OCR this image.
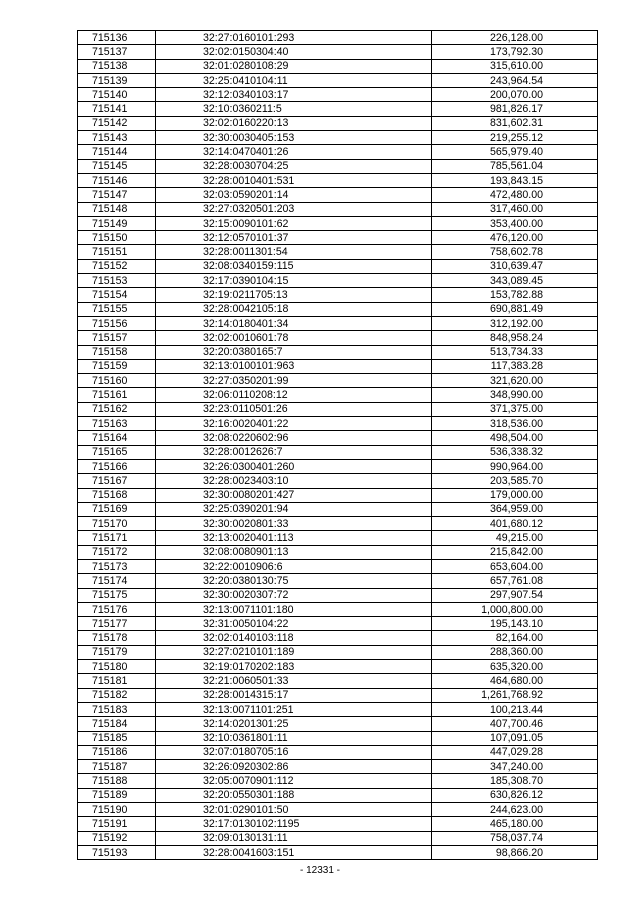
715136	32:27:0160101:293	226,128.00
715137	32:02:0150304:40	173,792.30
715138	32:01:0280108:29	315,610.00
715139	32:25:0410104:11	243,964.54
715140	32:12:0340103:17	200,070.00
715141	32:10:0360211:5	981,826.17
715142	32:02:0160220:13	831,602.31
715143	32:30:0030405:153	219,255.12
715144	32:14:0470401:26	565,979.40
715145	32:28:0030704:25	785,561.04
715146	32:28:0010401:531	193,843.15
715147	32:03:0590201:14	472,480.00
715148	32:27:0320501:203	317,460.00
715149	32:15:0090101:62	353,400.00
715150	32:12:0570101:37	476,120.00
715151	32:28:0011301:54	758,602.78
715152	32:08:0340159:115	310,639.47
715153	32:17:0390104:15	343,089.45
715154	32:19:0211705:13	153,782.88
715155	32:28:0042105:18	690,881.49
715156	32:14:0180401:34	312,192.00
715157	32:02:0010601:78	848,958.24
715158	32:20:0380165:7	513,734.33
715159	32:13:0100101:963	117,383.28
715160	32:27:0350201:99	321,620.00
715161	32:06:0110208:12	348,990.00
715162	32:23:0110501:26	371,375.00
715163	32:16:0020401:22	318,536.00
715164	32:08:0220602:96	498,504.00
715165	32:28:0012626:7	536,338.32
715166	32:26:0300401:260	990,964.00
715167	32:28:0023403:10	203,585.70
715168	32:30:0080201:427	179,000.00
715169	32:25:0390201:94	364,959.00
715170	32:30:0020801:33	401,680.12
715171	32:13:0020401:113	49,215.00
715172	32:08:0080901:13	215,842.00
715173	32:22:0010906:6	653,604.00
715174	32:20:0380130:75	657,761.08
715175	32:30:0020307:72	297,907.54
715176	32:13:0071101:180	1,000,800.00
715177	32:31:0050104:22	195,143.10
715178	32:02:0140103:118	82,164.00
715179	32:27:0210101:189	288,360.00
715180	32:19:0170202:183	635,320.00
715181	32:21:0060501:33	464,680.00
715182	32:28:0014315:17	1,261,768.92
715183	32:13:0071101:251	100,213.44
715184	32:14:0201301:25	407,700.46
715185	32:10:0361801:11	107,091.05
715186	32:07:0180705:16	447,029.28
715187	32:26:0920302:86	347,240.00
715188	32:05:0070901:112	185,308.70
715189	32:20:0550301:188	630,826.12
715190	32:01:0290101:50	244,623.00
715191	32:17:0130102:1195	465,180.00
715192	32:09:0130131:11	758,037.74
715193	32:28:0041603:151	98,866.20
- 12331 -
